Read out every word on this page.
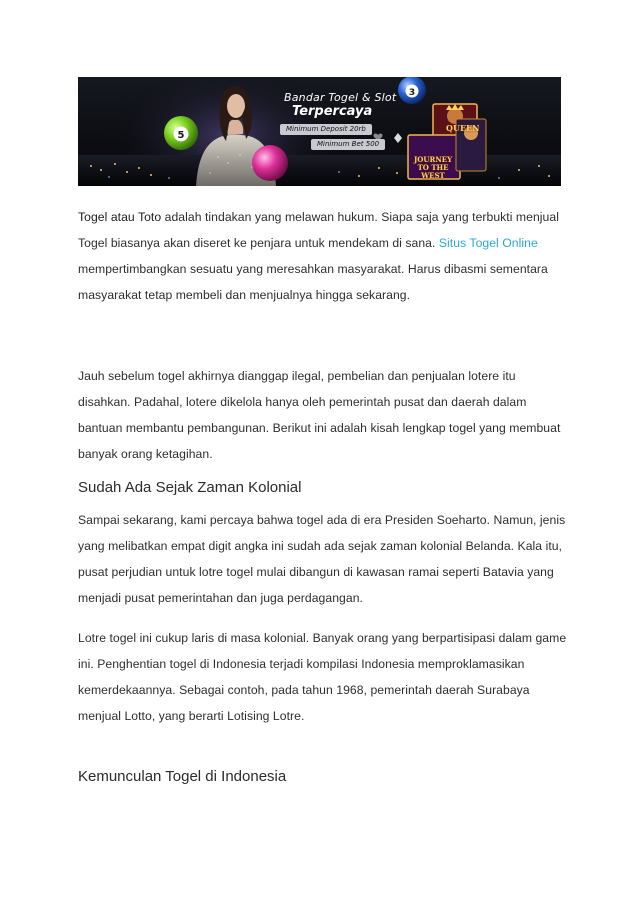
5
3
Bandar Togel & Slot
Terpercaya
Minimum Deposit 20rb
Minimum Bet 500
QUEEN
JOURNEY
TO THE
WEST

Togel atau Toto adalah tindakan yang melawan hukum. Siapa saja yang terbukti menjual Togel biasanya akan diseret ke penjara untuk mendekam di sana. Situs Togel Online mempertimbangkan sesuatu yang meresahkan masyarakat. Harus dibasmi sementara masyarakat tetap membeli dan menjualnya hingga sekarang.

Jauh sebelum togel akhirnya dianggap ilegal, pembelian dan penjualan lotere itu disahkan. Padahal, lotere dikelola hanya oleh pemerintah pusat dan daerah dalam bantuan membantu pembangunan. Berikut ini adalah kisah lengkap togel yang membuat banyak orang ketagihan.

Sudah Ada Sejak Zaman Kolonial

Sampai sekarang, kami percaya bahwa togel ada di era Presiden Soeharto. Namun, jenis yang melibatkan empat digit angka ini sudah ada sejak zaman kolonial Belanda. Kala itu, pusat perjudian untuk lotre togel mulai dibangun di kawasan ramai seperti Batavia yang menjadi pusat pemerintahan dan juga perdagangan.

Lotre togel ini cukup laris di masa kolonial. Banyak orang yang berpartisipasi dalam game ini. Penghentian togel di Indonesia terjadi kompilasi Indonesia memproklamasikan kemerdekaannya. Sebagai contoh, pada tahun 1968, pemerintah daerah Surabaya menjual Lotto, yang berarti Lotising Lotre.

Kemunculan Togel di Indonesia
